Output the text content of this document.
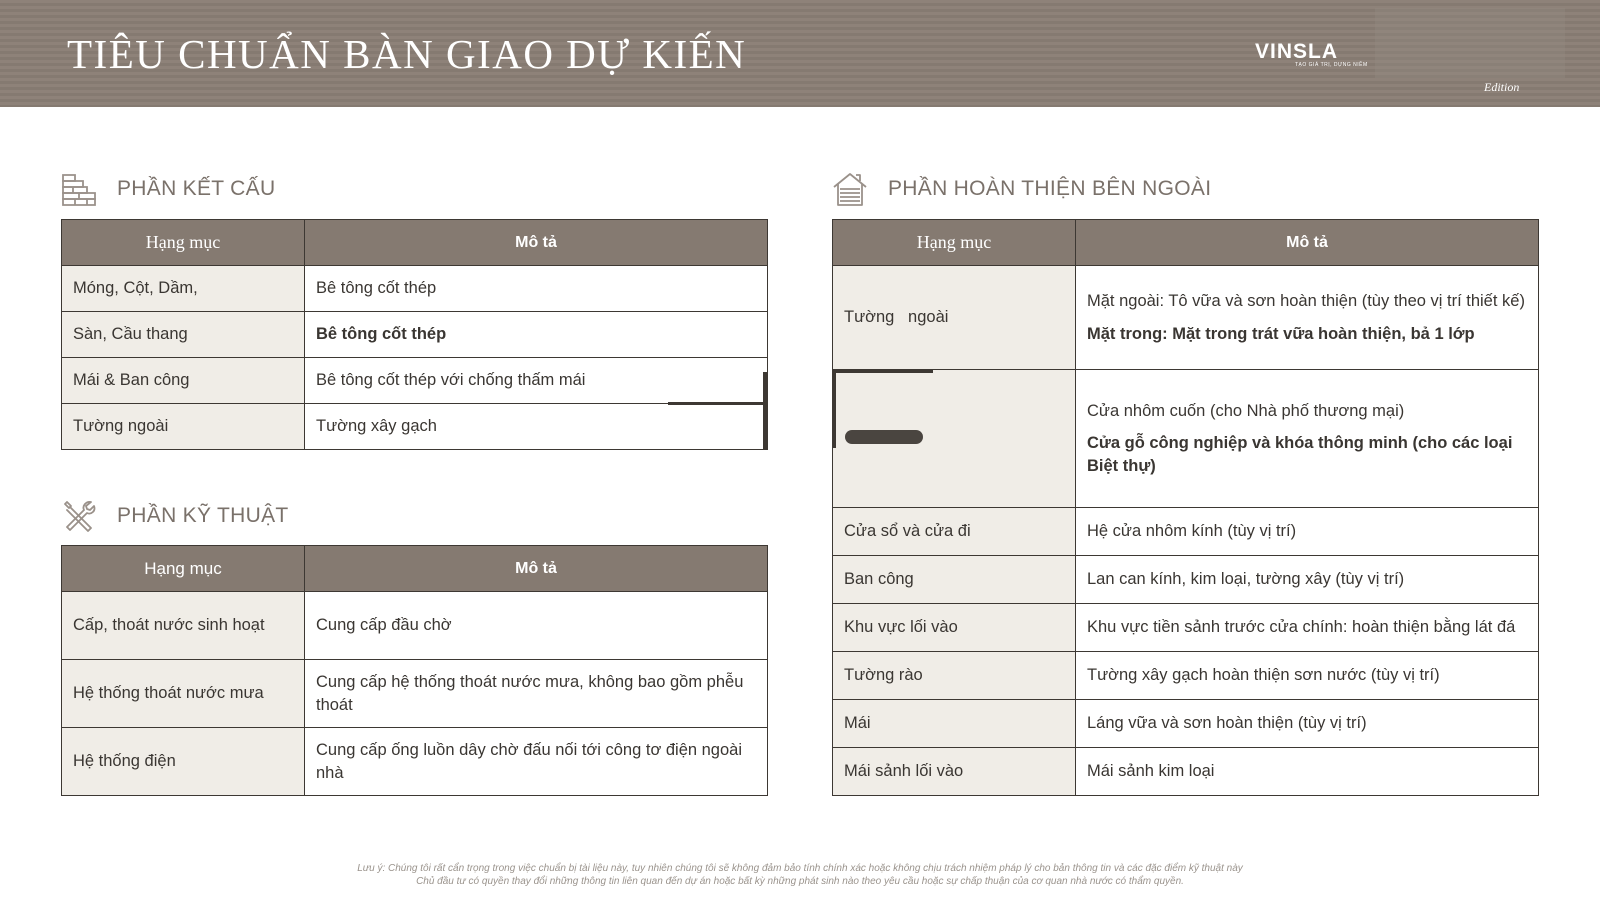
TIÊU CHUẨN BÀN GIAO DỰ KIẾN	VINSLA
TẠO GIÁ TRỊ, DỰNG NIỀM
Edition
PHẦN KẾT CẤU
Hạng mục	Mô tả
Móng, Cột, Dầm,	Bê tông cốt thép
Sàn, Cầu thang	Bê tông cốt thép
Mái & Ban công	Bê tông cốt thép với chống thấm mái
Tường ngoài	Tường xây gạch
PHẦN KỸ THUẬT
Hạng mục	Mô tả
Cấp, thoát nước sinh hoạt	Cung cấp đầu chờ
Hệ thống thoát nước mưa	Cung cấp hệ thống thoát nước mưa, không bao gồm phễu thoát
Hệ thống điện	Cung cấp ống luồn dây chờ đấu nối tới công tơ điện ngoài nhà
PHẦN HOÀN THIỆN BÊN NGOÀI
Hạng mục	Mô tả
Tường   ngoài	Mặt ngoài: Tô vữa và sơn hoàn thiện (tùy theo vị trí thiết kế)
Mặt trong: Mặt trong trát vữa hoàn thiện, bả 1 lớp

	Cửa nhôm cuốn (cho Nhà phố thương mại)
Cửa gỗ công nghiệp và khóa thông minh (cho các loại Biệt thự)

Cửa sổ và cửa đi	Hệ cửa nhôm kính (tùy vị trí)
Ban công	Lan can kính, kim loại, tường xây (tùy vị trí)
Khu vực lối vào	Khu vực tiền sảnh trước cửa chính: hoàn thiện bằng lát đá
Tường rào	Tường xây gạch hoàn thiện sơn nước (tùy vị trí)
Mái	Láng vữa và sơn hoàn thiện (tùy vị trí)
Mái sảnh lối vào	Mái sảnh kim loại
Lưu ý: Chúng tôi rất cẩn trọng trong việc chuẩn bị tài liệu này, tuy nhiên chúng tôi sẽ không đảm bảo tính chính xác hoặc không chịu trách nhiệm pháp lý cho bản thông tin và các đặc điểm kỹ thuật này
Chủ đầu tư có quyền thay đổi những thông tin liên quan đến dự án hoặc bất kỳ những phát sinh nào theo yêu cầu hoặc sự chấp thuận của cơ quan nhà nước có thẩm quyền.
